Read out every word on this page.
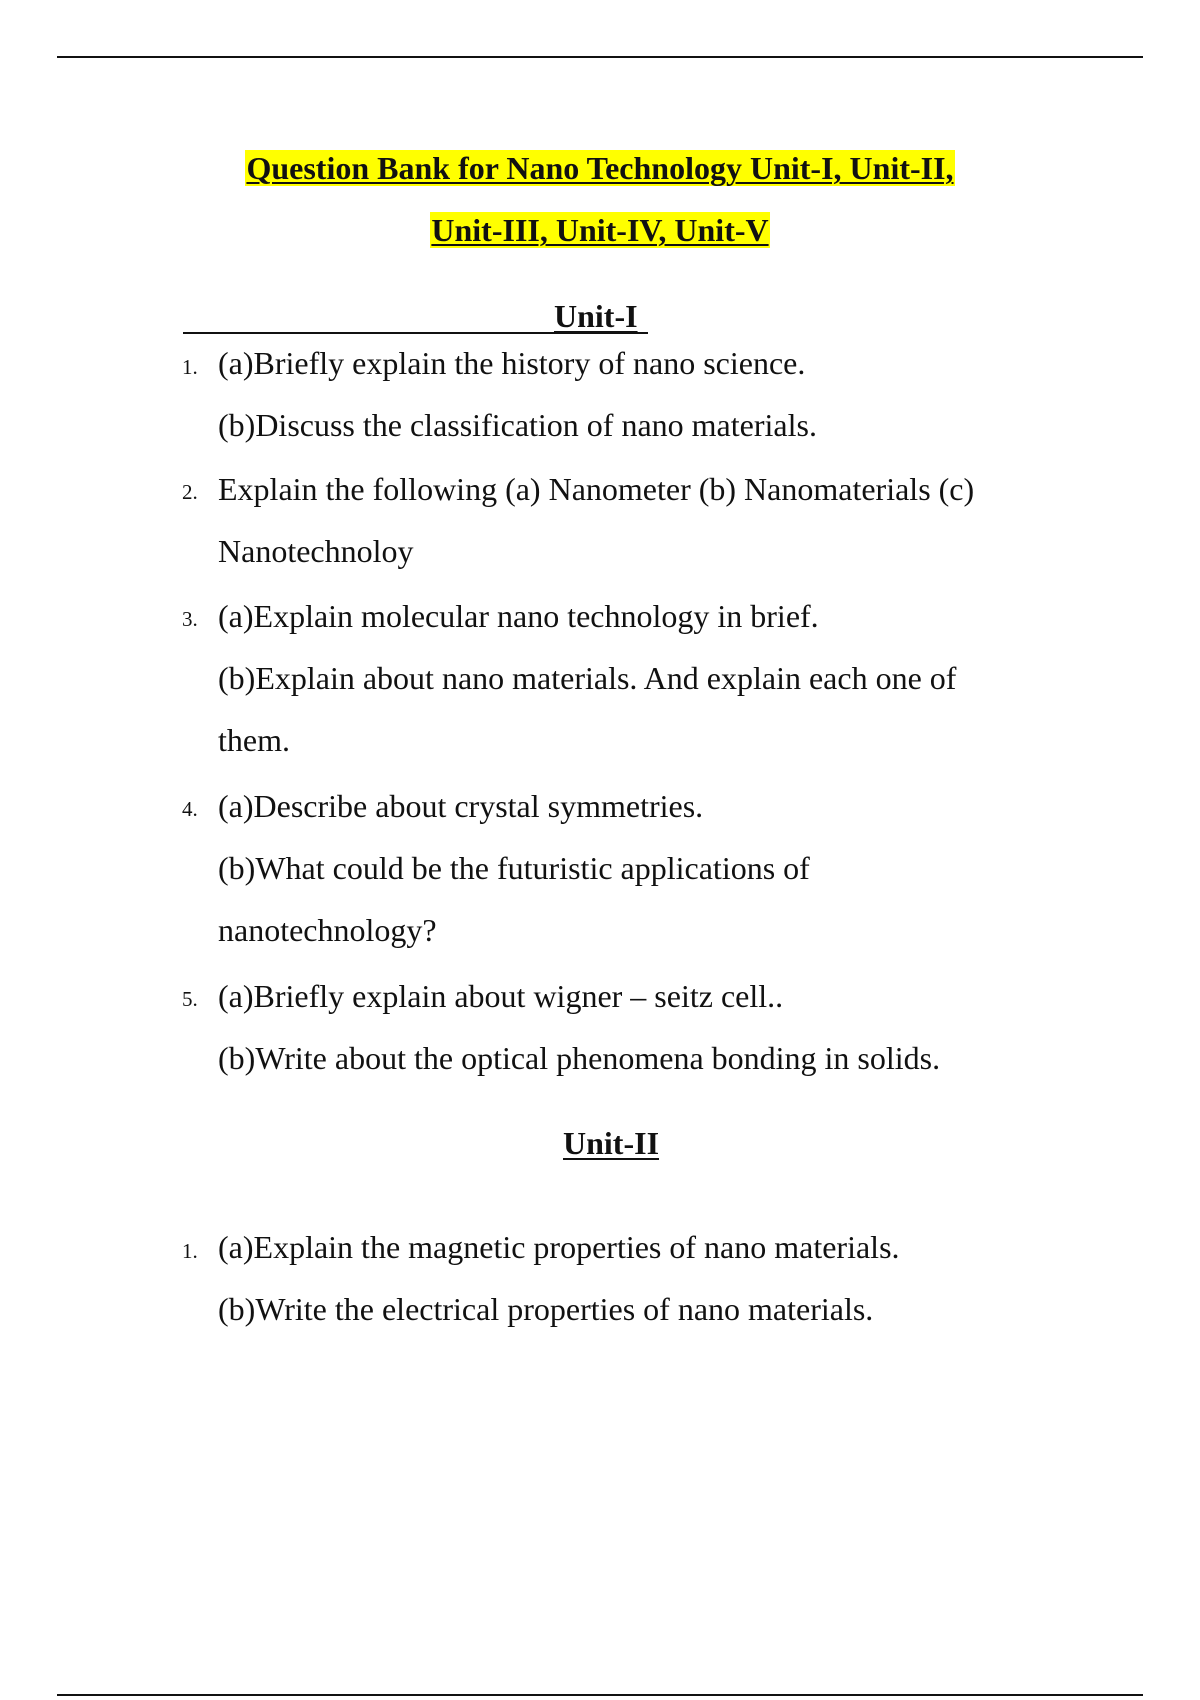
Question Bank for Nano Technology Unit-I, Unit-II,
Unit-III, Unit-IV, Unit-V
Unit-I
1. (a)Briefly explain the history of nano science.
(b)Discuss the classification of nano materials.
2. Explain the following (a) Nanometer (b) Nanomaterials (c)
Nanotechnoloy
3. (a)Explain molecular nano technology in brief.
(b)Explain about nano materials. And explain each one of
them.
4. (a)Describe about crystal symmetries.
(b)What could be the futuristic applications of
nanotechnology?
5. (a)Briefly explain about wigner – seitz cell..
(b)Write about the optical phenomena bonding in solids.
Unit-II
1. (a)Explain the magnetic properties of nano materials.
(b)Write the electrical properties of nano materials.
